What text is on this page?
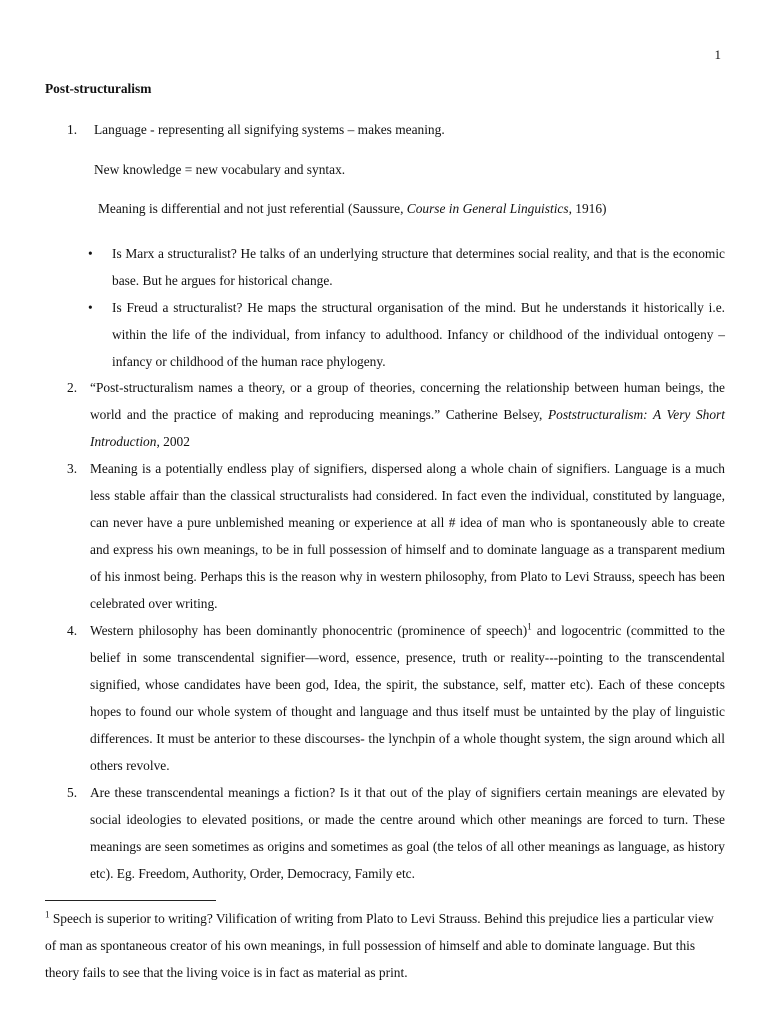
1
Post-structuralism
1. Language - representing all signifying systems – makes meaning.
New knowledge = new vocabulary and syntax.
Meaning is differential and not just referential (Saussure, Course in General Linguistics, 1916)
• Is Marx a structuralist? He talks of an underlying structure that determines social reality, and that is the economic base. But he argues for historical change.
• Is Freud a structuralist? He maps the structural organisation of the mind. But he understands it historically i.e. within the life of the individual, from infancy to adulthood. Infancy or childhood of the individual ontogeny – infancy or childhood of the human race phylogeny.
2. “Post-structuralism names a theory, or a group of theories, concerning the relationship between human beings, the world and the practice of making and reproducing meanings.” Catherine Belsey, Poststructuralism: A Very Short Introduction, 2002
3. Meaning is a potentially endless play of signifiers, dispersed along a whole chain of signifiers. Language is a much less stable affair than the classical structuralists had considered. In fact even the individual, constituted by language, can never have a pure unblemished meaning or experience at all # idea of man who is spontaneously able to create and express his own meanings, to be in full possession of himself and to dominate language as a transparent medium of his inmost being. Perhaps this is the reason why in western philosophy, from Plato to Levi Strauss, speech has been celebrated over writing.
4. Western philosophy has been dominantly phonocentric (prominence of speech)$^1$ and logocentric (committed to the belief in some transcendental signifier—word, essence, presence, truth or reality---pointing to the transcendental signified, whose candidates have been god, Idea, the spirit, the substance, self, matter etc). Each of these concepts hopes to found our whole system of thought and language and thus itself must be untainted by the play of linguistic differences. It must be anterior to these discourses- the lynchpin of a whole thought system, the sign around which all others revolve.
5. Are these transcendental meanings a fiction? Is it that out of the play of signifiers certain meanings are elevated by social ideologies to elevated positions, or made the centre around which other meanings are forced to turn. These meanings are seen sometimes as origins and sometimes as goal (the telos of all other meanings as language, as history etc). Eg. Freedom, Authority, Order, Democracy, Family etc.
$^1$ Speech is superior to writing? Vilification of writing from Plato to Levi Strauss. Behind this prejudice lies a particular view of man as spontaneous creator of his own meanings, in full possession of himself and able to dominate language. But this theory fails to see that the living voice is in fact as material as print.
